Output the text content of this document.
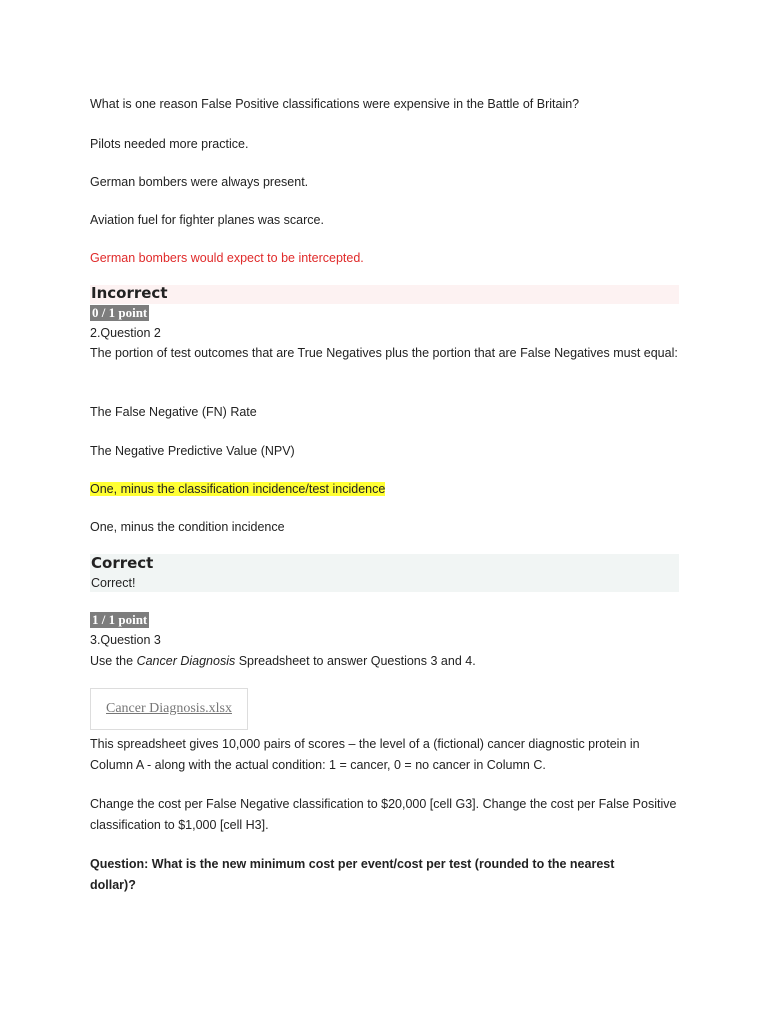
What is one reason False Positive classifications were expensive in the Battle of Britain?
Pilots needed more practice.
German bombers were always present.
Aviation fuel for fighter planes was scarce.
German bombers would expect to be intercepted.
Incorrect
0 / 1 point
2.Question 2
The portion of test outcomes that are True Negatives plus the portion that are False Negatives must equal:
The False Negative (FN) Rate
The Negative Predictive Value (NPV)
One, minus the classification incidence/test incidence
One, minus the condition incidence
Correct
Correct!
1 / 1 point
3.Question 3
Use the Cancer Diagnosis Spreadsheet to answer Questions 3 and 4.
Cancer Diagnosis.xlsx
This spreadsheet gives 10,000 pairs of scores – the level of a (fictional) cancer diagnostic protein in Column A - along with the actual condition: 1 = cancer, 0 = no cancer in Column C.
Change the cost per False Negative classification to $20,000 [cell G3]. Change the cost per False Positive classification to $1,000 [cell H3].
Question: What is the new minimum cost per event/cost per test (rounded to the nearest dollar)?
